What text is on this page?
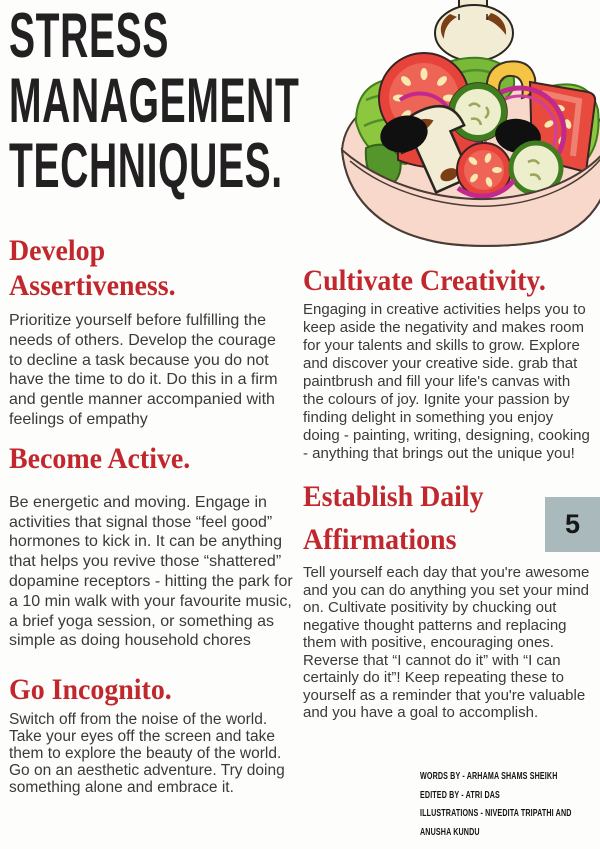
STRESS
MANAGEMENT
TECHNIQUES.
Develop
Assertiveness.

Prioritize yourself before fulfilling the needs of others. Develop the courage to decline a task because you do not have the time to do it. Do this in a firm and gentle manner accompanied with feelings of empathy

Become Active.

Be energetic and moving. Engage in activities that signal those “feel good” hormones to kick in. It can be anything that helps you revive those “shattered” dopamine receptors - hitting the park for a 10 min walk with your favourite music, a brief yoga session, or something as simple as doing household chores

Go Incognito.

Switch off from the noise of the world. Take your eyes off the screen and take them to explore the beauty of the world. Go on an aesthetic adventure. Try doing something alone and embrace it.

Cultivate Creativity.

Engaging in creative activities helps you to keep aside the negativity and makes room for your talents and skills to grow. Explore and discover your creative side. grab that paintbrush and fill your life's canvas with the colours of joy. Ignite your passion by finding delight in something you enjoy doing - painting, writing, designing, cooking - anything that brings out the unique you!

Establish Daily
Affirmations

Tell yourself each day that you're awesome and you can do anything you set your mind on. Cultivate positivity by chucking out negative thought patterns and replacing them with positive, encouraging ones. Reverse that “I cannot do it” with “I can certainly do it”! Keep repeating these to yourself as a reminder that you're valuable and you have a goal to accomplish.

5
WORDS BY - ARHAMA SHAMS SHEIKH
EDITED BY - ATRI DAS
ILLUSTRATIONS - NIVEDITA TRIPATHI AND
ANUSHA KUNDU
